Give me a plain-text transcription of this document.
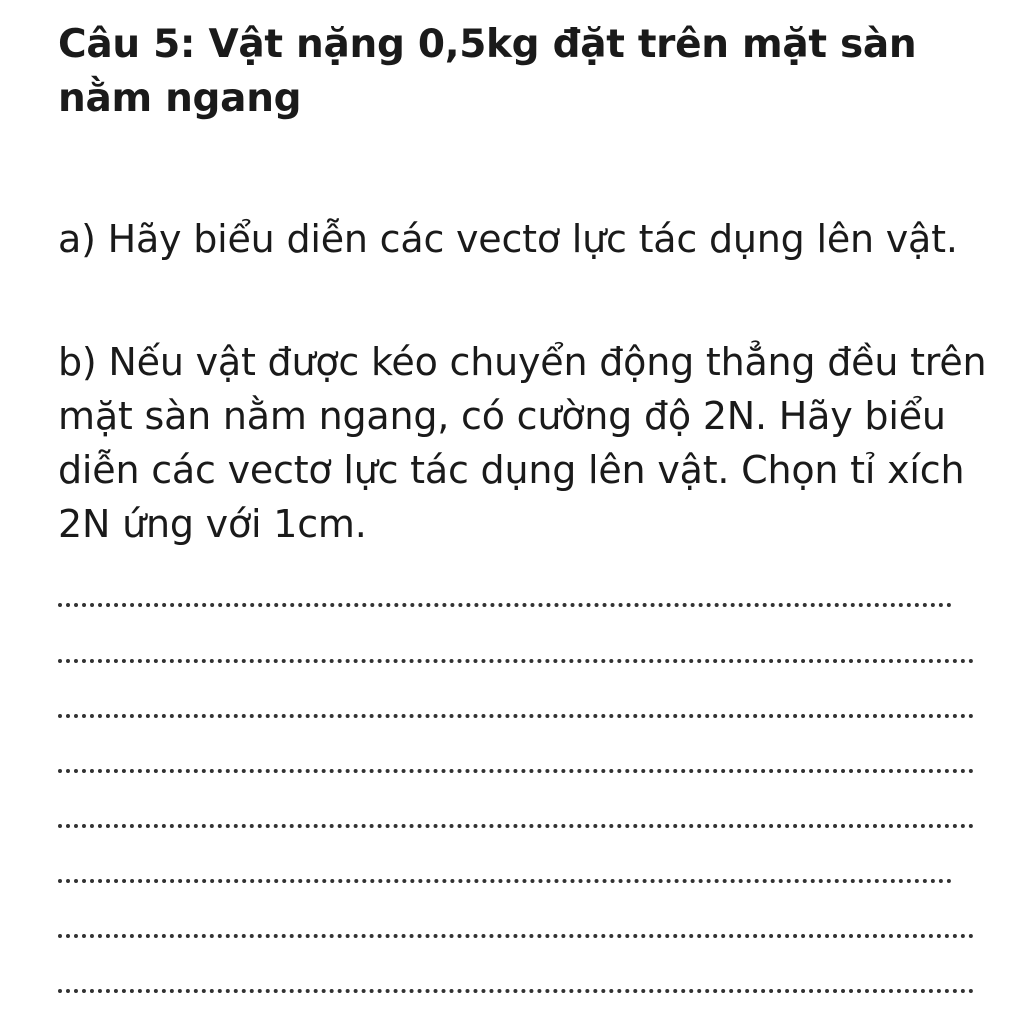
Câu 5: Vật nặng 0,5kg đặt trên mặt sàn nằm ngang

a) Hãy biểu diễn các vectơ lực tác dụng lên vật.

b) Nếu vật được kéo chuyển động thẳng đều trên mặt sàn nằm ngang, có cường độ 2N. Hãy biểu diễn các vectơ lực tác dụng lên vật. Chọn tỉ xích 2N ứng với 1cm.
